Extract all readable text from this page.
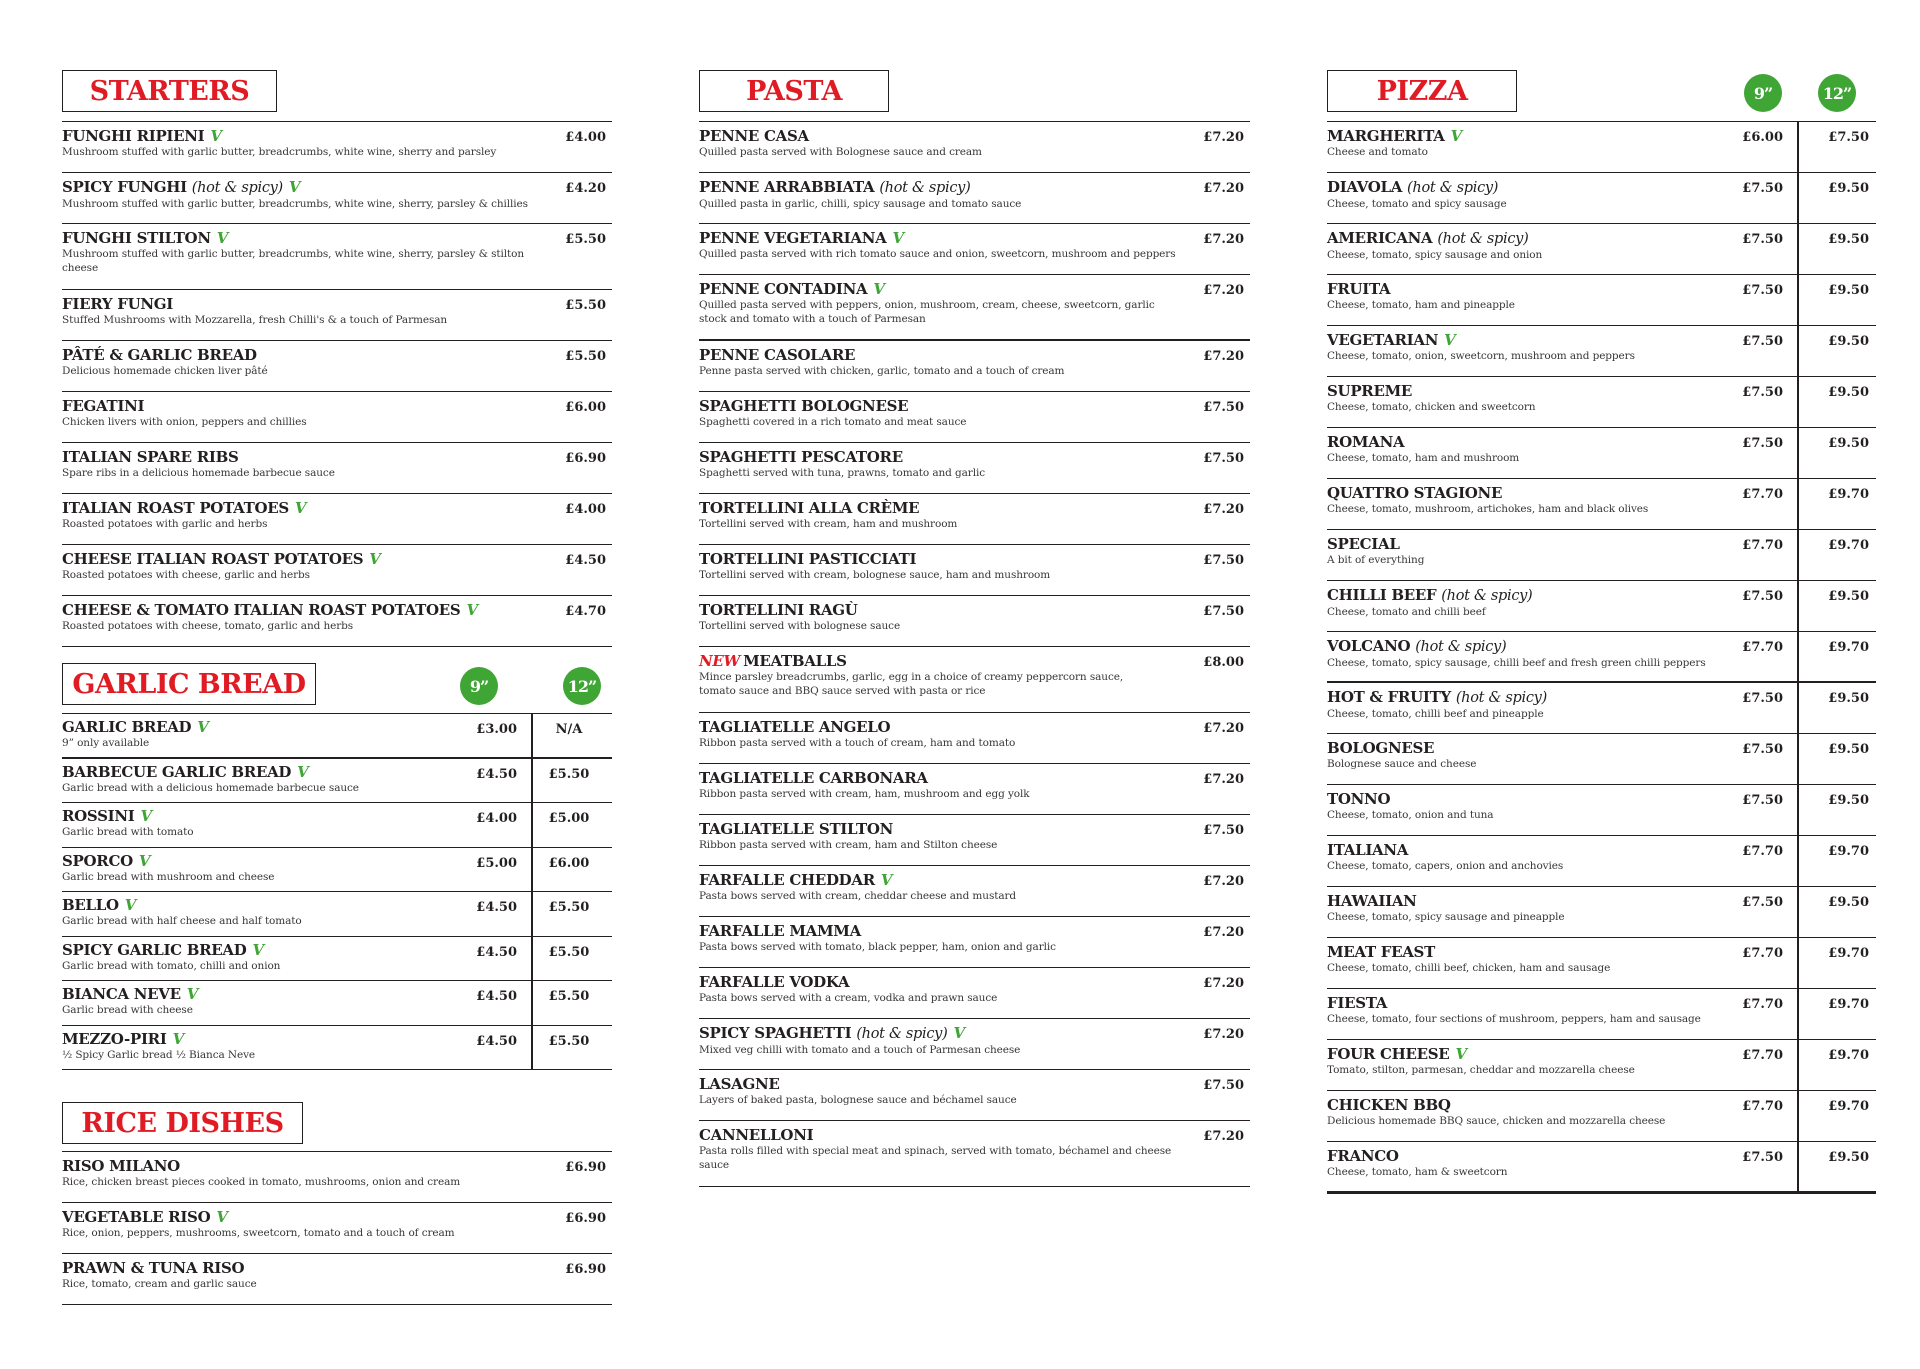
STARTERS
FUNGHI RIPIENI V
Mushroom stuffed with garlic butter, breadcrumbs, white wine, sherry and parsley
£4.00
SPICY FUNGHI (hot & spicy) V
Mushroom stuffed with garlic butter, breadcrumbs, white wine, sherry, parsley & chillies
£4.20
FUNGHI STILTON V
Mushroom stuffed with garlic butter, breadcrumbs, white wine, sherry, parsley & stilton cheese
£5.50
FIERY FUNGI
Stuffed Mushrooms with Mozzarella, fresh Chilli's & a touch of Parmesan
£5.50
PÂTÉ & GARLIC BREAD
Delicious homemade chicken liver pâté
£5.50
FEGATINI
Chicken livers with onion, peppers and chillies
£6.00
ITALIAN SPARE RIBS
Spare ribs in a delicious homemade barbecue sauce
£6.90
ITALIAN ROAST POTATOES V
Roasted potatoes with garlic and herbs
£4.00
CHEESE ITALIAN ROAST POTATOES V
Roasted potatoes with cheese, garlic and herbs
£4.50
CHEESE & TOMATO ITALIAN ROAST POTATOES V
Roasted potatoes with cheese, tomato, garlic and herbs
£4.70
GARLIC BREAD	9”	12”
GARLIC BREAD V
9” only available
£3.00	N/A
BARBECUE GARLIC BREAD V
Garlic bread with a delicious homemade barbecue sauce
£4.50	£5.50
ROSSINI V
Garlic bread with tomato
£4.00	£5.00
SPORCO V
Garlic bread with mushroom and cheese
£5.00	£6.00
BELLO V
Garlic bread with half cheese and half tomato
£4.50	£5.50
SPICY GARLIC BREAD V
Garlic bread with tomato, chilli and onion
£4.50	£5.50
BIANCA NEVE V
Garlic bread with cheese
£4.50	£5.50
MEZZO-PIRI V
½ Spicy Garlic bread ½ Bianca Neve
£4.50	£5.50
RICE DISHES
RISO MILANO
Rice, chicken breast pieces cooked in tomato, mushrooms, onion and cream
£6.90
VEGETABLE RISO V
Rice, onion, peppers, mushrooms, sweetcorn, tomato and a touch of cream
£6.90
PRAWN & TUNA RISO
Rice, tomato, cream and garlic sauce
£6.90
PASTA
PENNE CASA
Quilled pasta served with Bolognese sauce and cream
£7.20
PENNE ARRABBIATA (hot & spicy)
Quilled pasta in garlic, chilli, spicy sausage and tomato sauce
£7.20
PENNE VEGETARIANA V
Quilled pasta served with rich tomato sauce and onion, sweetcorn, mushroom and peppers
£7.20
PENNE CONTADINA V
Quilled pasta served with peppers, onion, mushroom, cream, cheese, sweetcorn, garlic stock and tomato with a touch of Parmesan
£7.20
PENNE CASOLARE
Penne pasta served with chicken, garlic, tomato and a touch of cream
£7.20
SPAGHETTI BOLOGNESE
Spaghetti covered in a rich tomato and meat sauce
£7.50
SPAGHETTI PESCATORE
Spaghetti served with tuna, prawns, tomato and garlic
£7.50
TORTELLINI ALLA CRÈME
Tortellini served with cream, ham and mushroom
£7.20
TORTELLINI PASTICCIATI
Tortellini served with cream, bolognese sauce, ham and mushroom
£7.50
TORTELLINI RAGÙ
Tortellini served with bolognese sauce
£7.50
NEW MEATBALLS
Mince parsley breadcrumbs, garlic, egg in a choice of creamy peppercorn sauce, tomato sauce and BBQ sauce served with pasta or rice
£8.00
TAGLIATELLE ANGELO
Ribbon pasta served with a touch of cream, ham and tomato
£7.20
TAGLIATELLE CARBONARA
Ribbon pasta served with cream, ham, mushroom and egg yolk
£7.20
TAGLIATELLE STILTON
Ribbon pasta served with cream, ham and Stilton cheese
£7.50
FARFALLE CHEDDAR V
Pasta bows served with cream, cheddar cheese and mustard
£7.20
FARFALLE MAMMA
Pasta bows served with tomato, black pepper, ham, onion and garlic
£7.20
FARFALLE VODKA
Pasta bows served with a cream, vodka and prawn sauce
£7.20
SPICY SPAGHETTI (hot & spicy) V
Mixed veg chilli with tomato and a touch of Parmesan cheese
£7.20
LASAGNE
Layers of baked pasta, bolognese sauce and béchamel sauce
£7.50
CANNELLONI
Pasta rolls filled with special meat and spinach, served with tomato, béchamel and cheese sauce
£7.20
PIZZA	9”	12”
MARGHERITA V
Cheese and tomato
£6.00	£7.50
DIAVOLA (hot & spicy)
Cheese, tomato and spicy sausage
£7.50	£9.50
AMERICANA (hot & spicy)
Cheese, tomato, spicy sausage and onion
£7.50	£9.50
FRUITA
Cheese, tomato, ham and pineapple
£7.50	£9.50
VEGETARIAN V
Cheese, tomato, onion, sweetcorn, mushroom and peppers
£7.50	£9.50
SUPREME
Cheese, tomato, chicken and sweetcorn
£7.50	£9.50
ROMANA
Cheese, tomato, ham and mushroom
£7.50	£9.50
QUATTRO STAGIONE
Cheese, tomato, mushroom, artichokes, ham and black olives
£7.70	£9.70
SPECIAL
A bit of everything
£7.70	£9.70
CHILLI BEEF (hot & spicy)
Cheese, tomato and chilli beef
£7.50	£9.50
VOLCANO (hot & spicy)
Cheese, tomato, spicy sausage, chilli beef and fresh green chilli peppers
£7.70	£9.70
HOT & FRUITY (hot & spicy)
Cheese, tomato, chilli beef and pineapple
£7.50	£9.50
BOLOGNESE
Bolognese sauce and cheese
£7.50	£9.50
TONNO
Cheese, tomato, onion and tuna
£7.50	£9.50
ITALIANA
Cheese, tomato, capers, onion and anchovies
£7.70	£9.70
HAWAIIAN
Cheese, tomato, spicy sausage and pineapple
£7.50	£9.50
MEAT FEAST
Cheese, tomato, chilli beef, chicken, ham and sausage
£7.70	£9.70
FIESTA
Cheese, tomato, four sections of mushroom, peppers, ham and sausage
£7.70	£9.70
FOUR CHEESE V
Tomato, stilton, parmesan, cheddar and mozzarella cheese
£7.70	£9.70
CHICKEN BBQ
Delicious homemade BBQ sauce, chicken and mozzarella cheese
£7.70	£9.70
FRANCO
Cheese, tomato, ham & sweetcorn
£7.50	£9.50
